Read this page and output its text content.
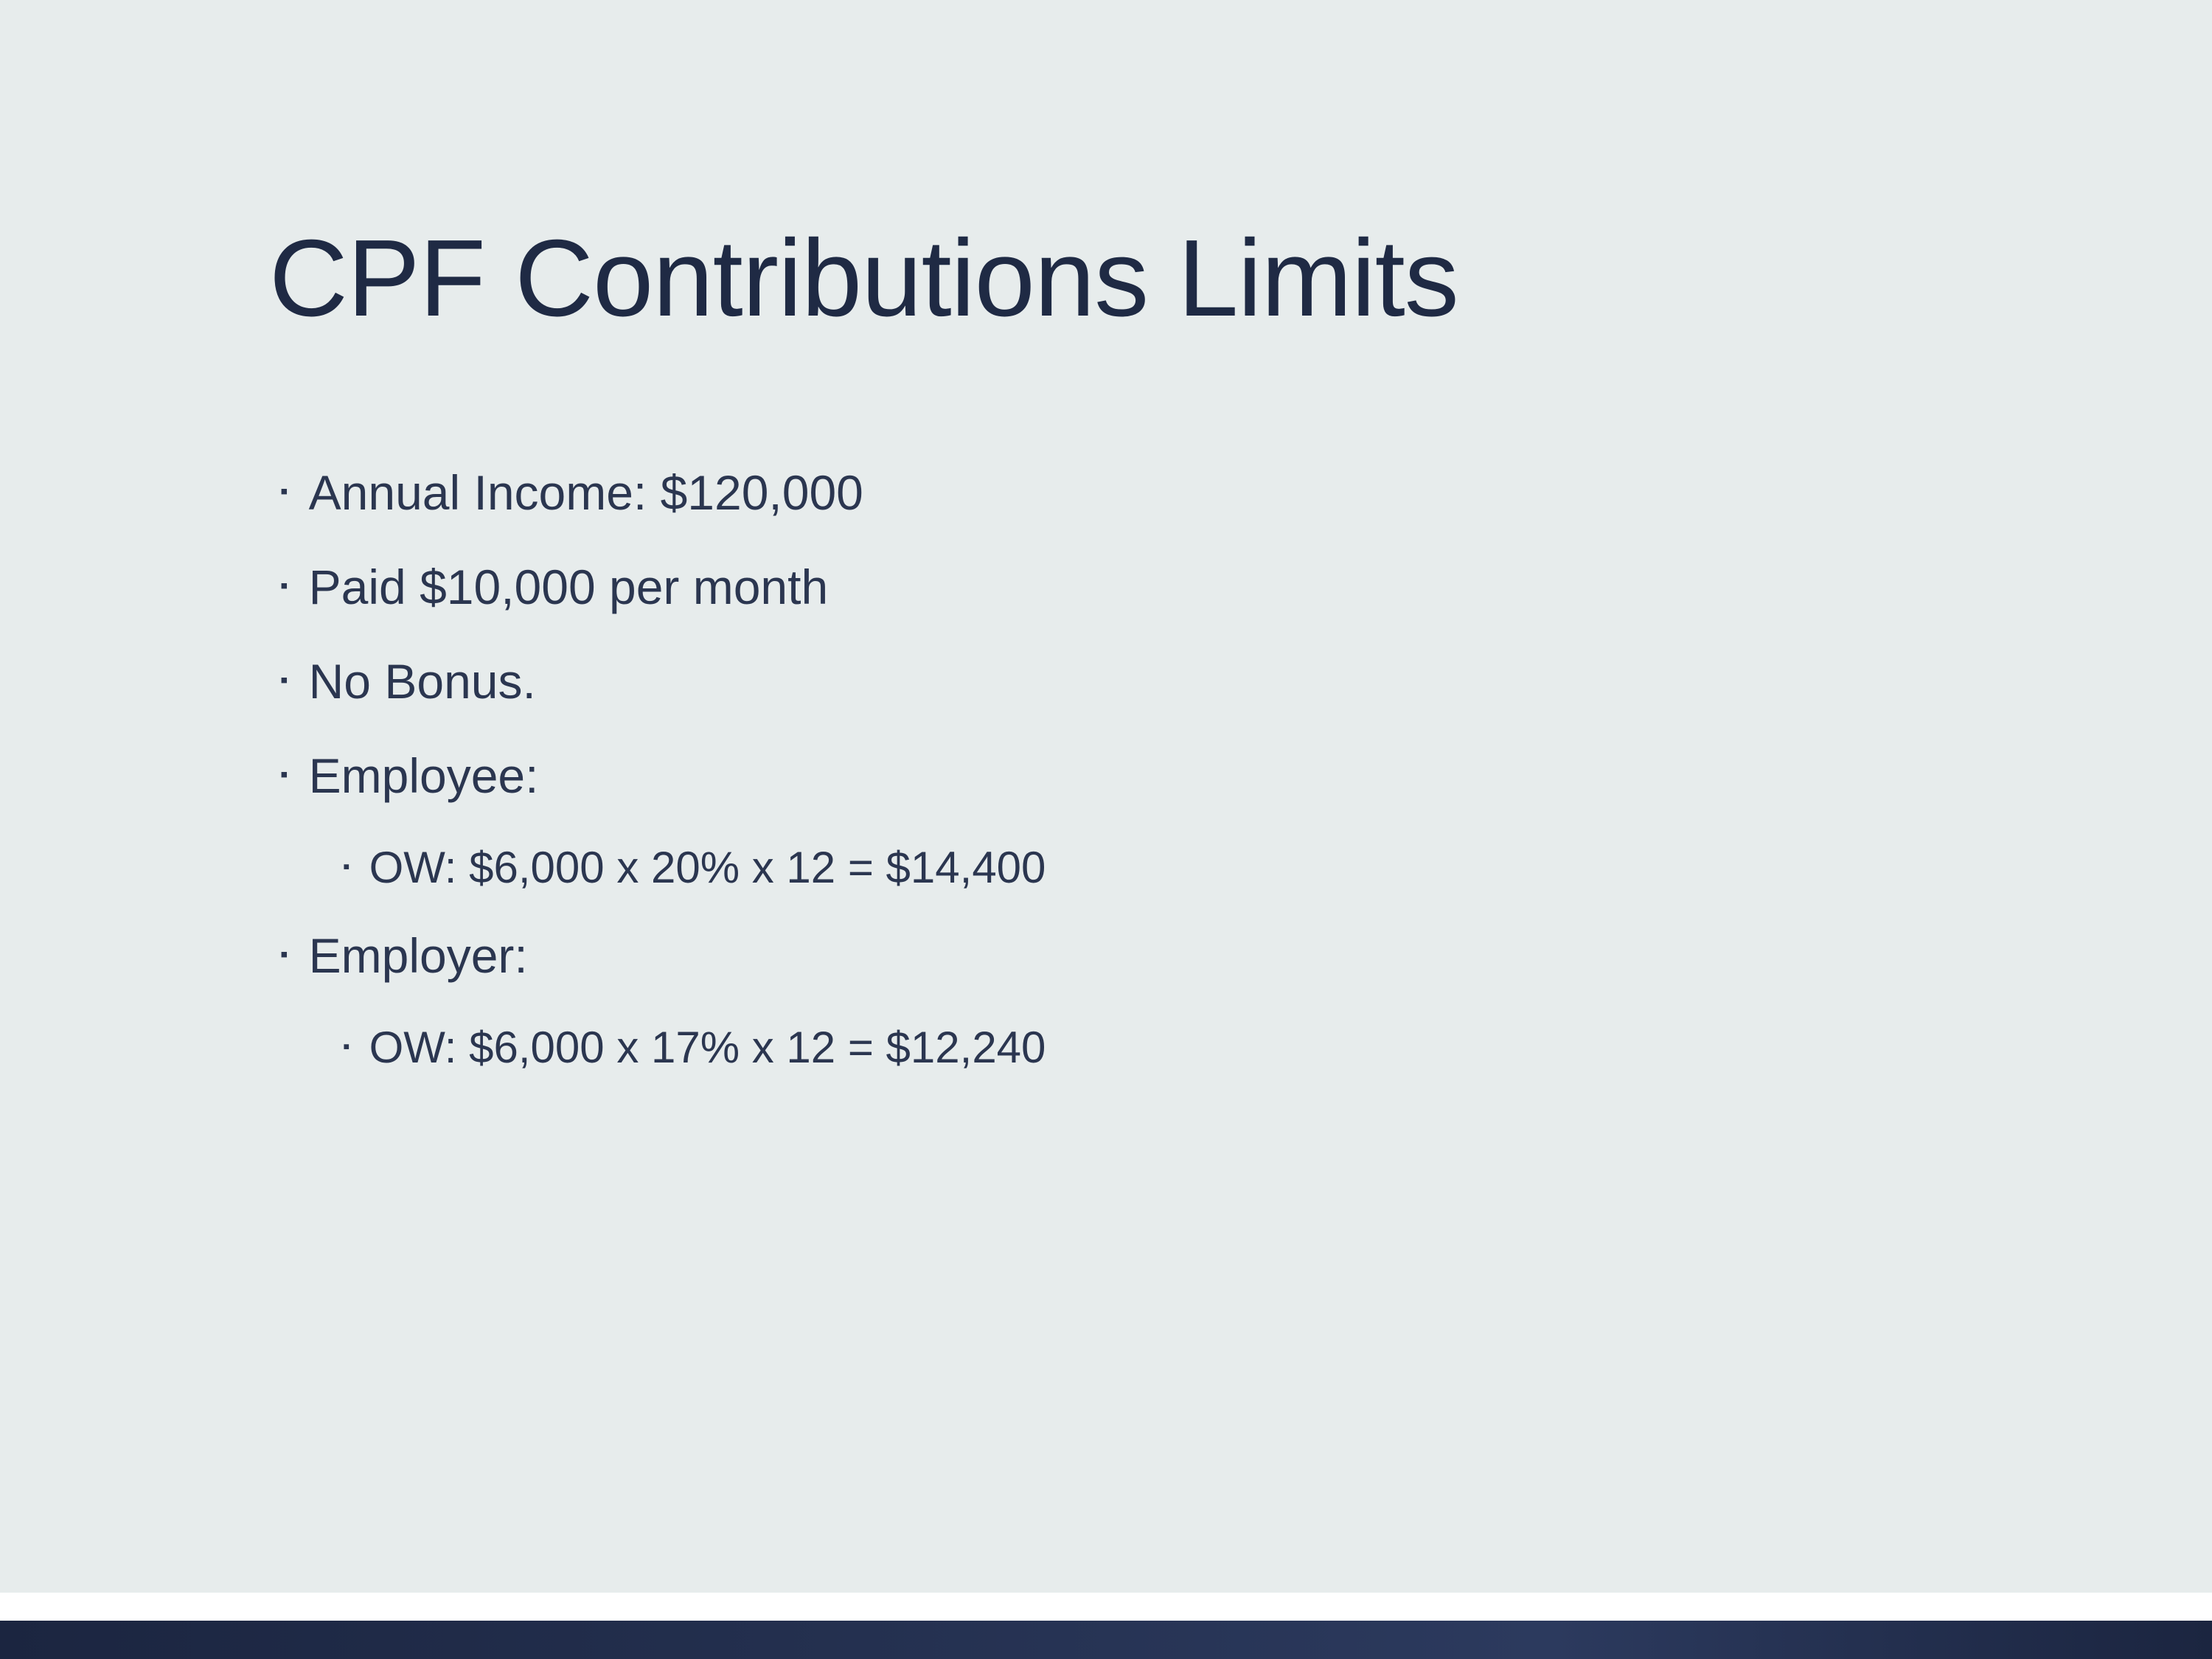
CPF Contributions Limits
▪ Annual Income: $120,000
▪ Paid $10,000 per month
▪ No Bonus.
▪ Employee:
▪ OW: $6,000 x 20% x 12 = $14,400
▪ Employer:
▪ OW: $6,000 x 17% x 12 = $12,240
